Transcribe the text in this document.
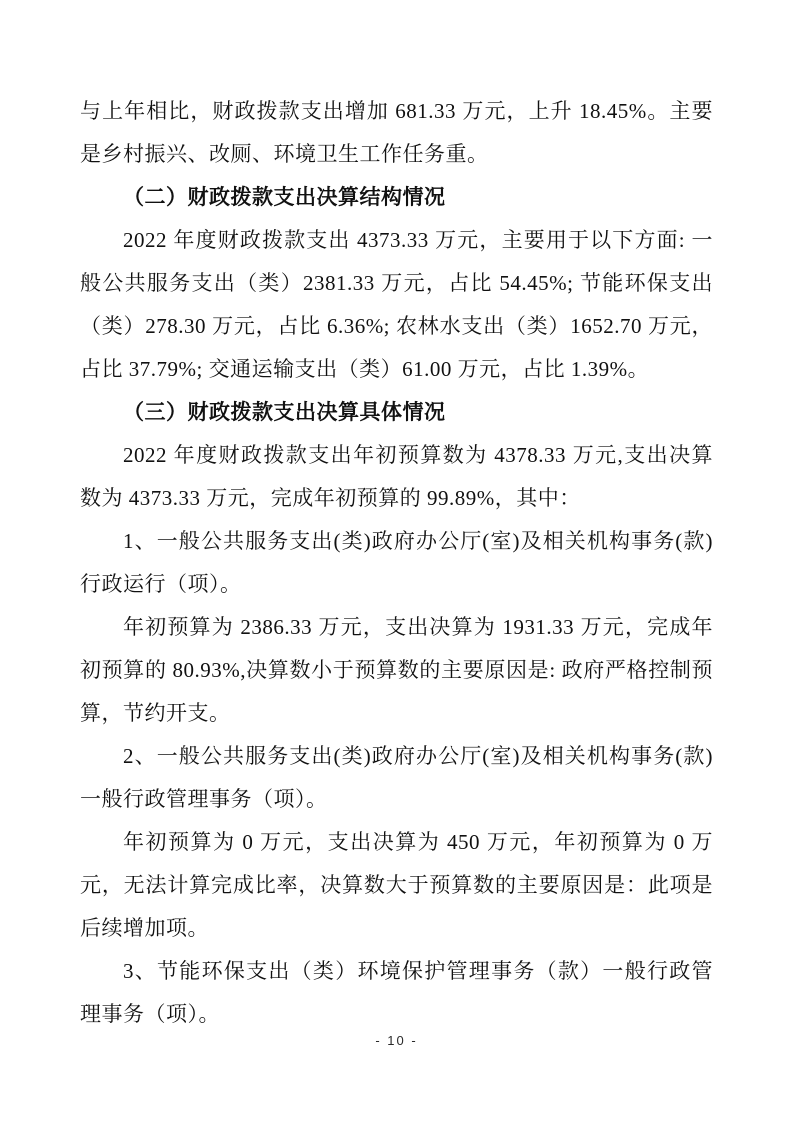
与上年相比，财政拨款支出增加 681.33 万元，上升 18.45%。主要是乡村振兴、改厕、环境卫生工作任务重。

（二）财政拨款支出决算结构情况

2022 年度财政拨款支出 4373.33 万元，主要用于以下方面: 一般公共服务支出（类）2381.33 万元，占比 54.45%; 节能环保支出（类）278.30 万元，占比 6.36%; 农林水支出（类）1652.70 万元，占比 37.79%; 交通运输支出（类）61.00 万元，占比 1.39%。

（三）财政拨款支出决算具体情况

2022 年度财政拨款支出年初预算数为 4378.33 万元,支出决算数为 4373.33 万元，完成年初预算的 99.89%，其中：

1、一般公共服务支出(类)政府办公厅(室)及相关机构事务(款)行政运行（项）。

年初预算为 2386.33 万元，支出决算为 1931.33 万元，完成年初预算的 80.93%,决算数小于预算数的主要原因是: 政府严格控制预算，节约开支。

2、一般公共服务支出(类)政府办公厅(室)及相关机构事务(款)一般行政管理事务（项）。

年初预算为 0 万元，支出决算为 450 万元，年初预算为 0 万元，无法计算完成比率，决算数大于预算数的主要原因是：此项是后续增加项。

3、节能环保支出（类）环境保护管理事务（款）一般行政管理事务（项）。

- 10 -
